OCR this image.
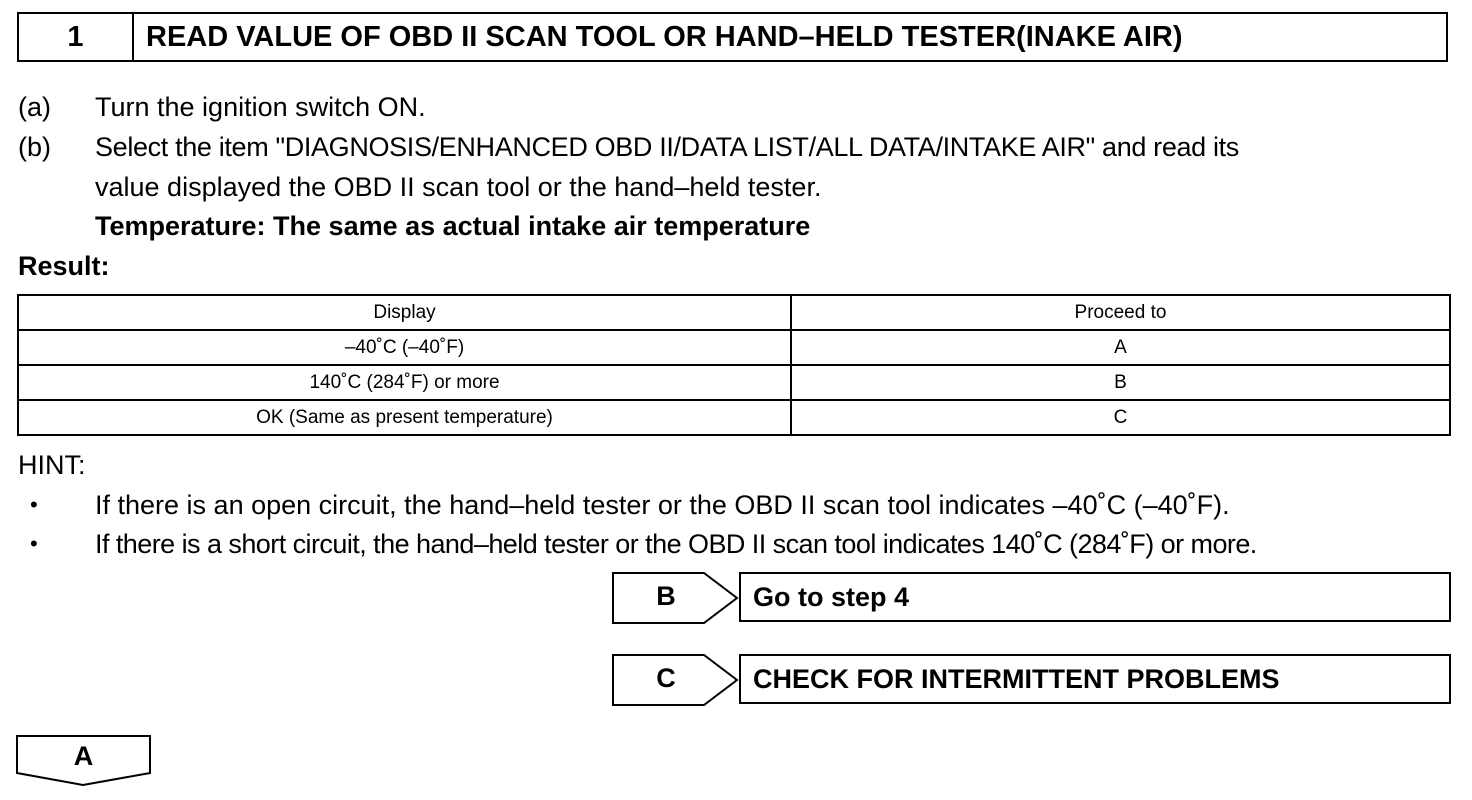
1	READ VALUE OF OBD II SCAN TOOL OR HAND–HELD TESTER(INAKE AIR)
(a) Turn the ignition switch ON.
(b) Select the item "DIAGNOSIS/ENHANCED OBD II/DATA LIST/ALL DATA/INTAKE AIR" and read its
value displayed the OBD II scan tool or the hand–held tester.
Temperature: The same as actual intake air temperature
Result:
Display	Proceed to
–40˚C (–40˚F)	A
140˚C (284˚F) or more	B
OK (Same as present temperature)	C
HINT:
• If there is an open circuit, the hand–held tester or the OBD II scan tool indicates –40˚C (–40˚F).
• If there is a short circuit, the hand–held tester or the OBD II scan tool indicates 140˚C (284˚F) or more.
B	Go to step 4
C	CHECK FOR INTERMITTENT PROBLEMS
A
